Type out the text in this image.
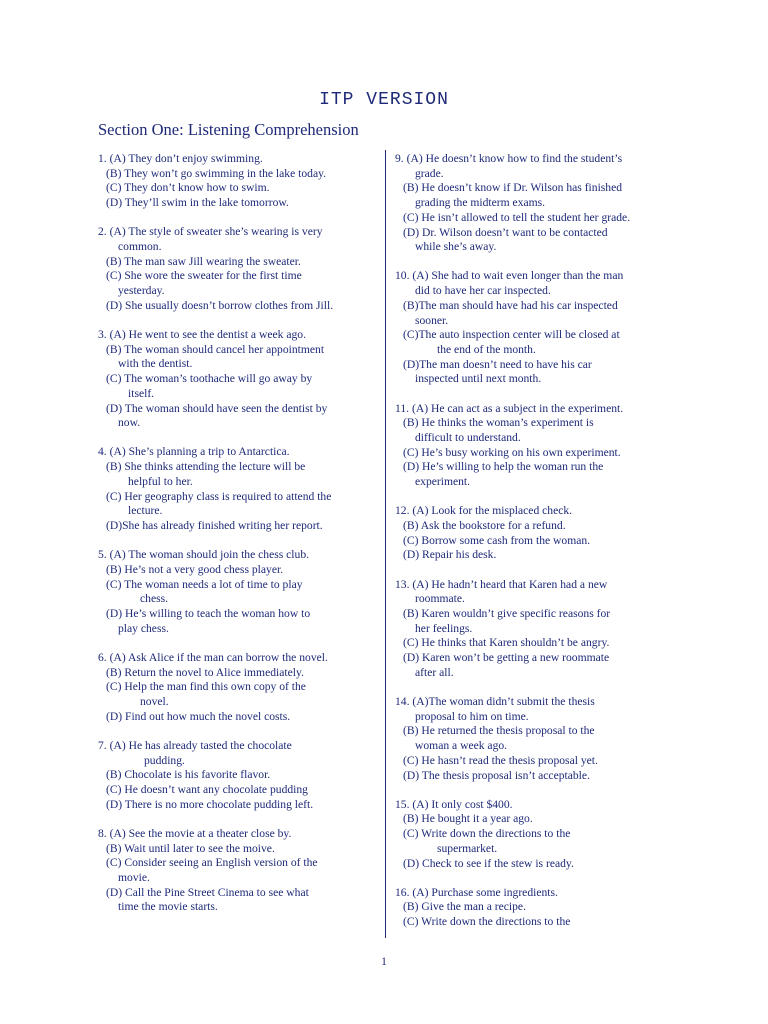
ITP VERSION
Section One: Listening Comprehension
1. (A) They don’t enjoy swimming.
(B) They won’t go swimming in the lake today.
(C) They don’t know how to swim.
(D) They’ll swim in the lake tomorrow.
2. (A) The style of sweater she’s wearing is very
common.
(B) The man saw Jill wearing the sweater.
(C) She wore the sweater for the first time
yesterday.
(D) She usually doesn’t borrow clothes from Jill.
3. (A) He went to see the dentist a week ago.
(B) The woman should cancel her appointment
with the dentist.
(C) The woman’s toothache will go away by
itself.
(D) The woman should have seen the dentist by
now.
4. (A) She’s planning a trip to Antarctica.
(B) She thinks attending the lecture will be
helpful to her.
(C) Her geography class is required to attend the
lecture.
(D)She has already finished writing her report.
5. (A) The woman should join the chess club.
(B) He’s not a very good chess player.
(C) The woman needs a lot of time to play
chess.
(D) He’s willing to teach the woman how to
play chess.
6. (A) Ask Alice if the man can borrow the novel.
(B) Return the novel to Alice immediately.
(C) Help the man find this own copy of the
novel.
(D) Find out how much the novel costs.
7. (A) He has already tasted the chocolate
pudding.
(B) Chocolate is his favorite flavor.
(C) He doesn’t want any chocolate pudding
(D) There is no more chocolate pudding left.
8. (A) See the movie at a theater close by.
(B) Wait until later to see the moive.
(C) Consider seeing an English version of the
movie.
(D) Call the Pine Street Cinema to see what
time the movie starts.
9. (A) He doesn’t know how to find the student’s
grade.
(B) He doesn’t know if Dr. Wilson has finished
grading the midterm exams.
(C) He isn’t allowed to tell the student her grade.
(D) Dr. Wilson doesn’t want to be contacted
while she’s away.
10. (A) She had to wait even longer than the man
did to have her car inspected.
(B)The man should have had his car inspected
sooner.
(C)The auto inspection center will be closed at
the end of the month.
(D)The man doesn’t need to have his car
inspected until next month.
11. (A) He can act as a subject in the experiment.
(B) He thinks the woman’s experiment is
difficult to understand.
(C) He’s busy working on his own experiment.
(D) He’s willing to help the woman run the
experiment.
12. (A) Look for the misplaced check.
(B) Ask the bookstore for a refund.
(C) Borrow some cash from the woman.
(D) Repair his desk.
13. (A) He hadn’t heard that Karen had a new
roommate.
(B) Karen wouldn’t give specific reasons for
her feelings.
(C) He thinks that Karen shouldn’t be angry.
(D) Karen won’t be getting a new roommate
after all.
14. (A)The woman didn’t submit the thesis
proposal to him on time.
(B) He returned the thesis proposal to the
woman a week ago.
(C) He hasn’t read the thesis proposal yet.
(D) The thesis proposal isn’t acceptable.
15. (A) It only cost $400.
(B) He bought it a year ago.
(C) Write down the directions to the
supermarket.
(D) Check to see if the stew is ready.
16. (A) Purchase some ingredients.
(B) Give the man a recipe.
(C) Write down the directions to the
1
